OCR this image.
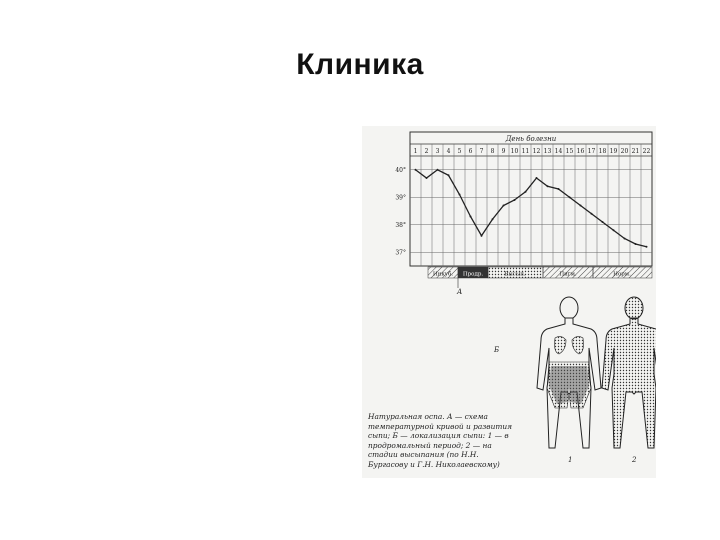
Клиника
День болезни
1 2 3 4 5 6 7 8 9 10 11 12 13 14 15 16 17 18 19 20 21 22
40°
39°
38°
37°
Инкуб. Продр.	Высып.	Пигм.	Норм.
А
Б
1	2
Натуральная оспа. А — схема температурной кривой и развития сыпи; Б — локализация сыпи: 1 — в продромальный период; 2 — на стадии высыпания (по Н.Н. Бургасову и Г.Н. Николаевскому)
